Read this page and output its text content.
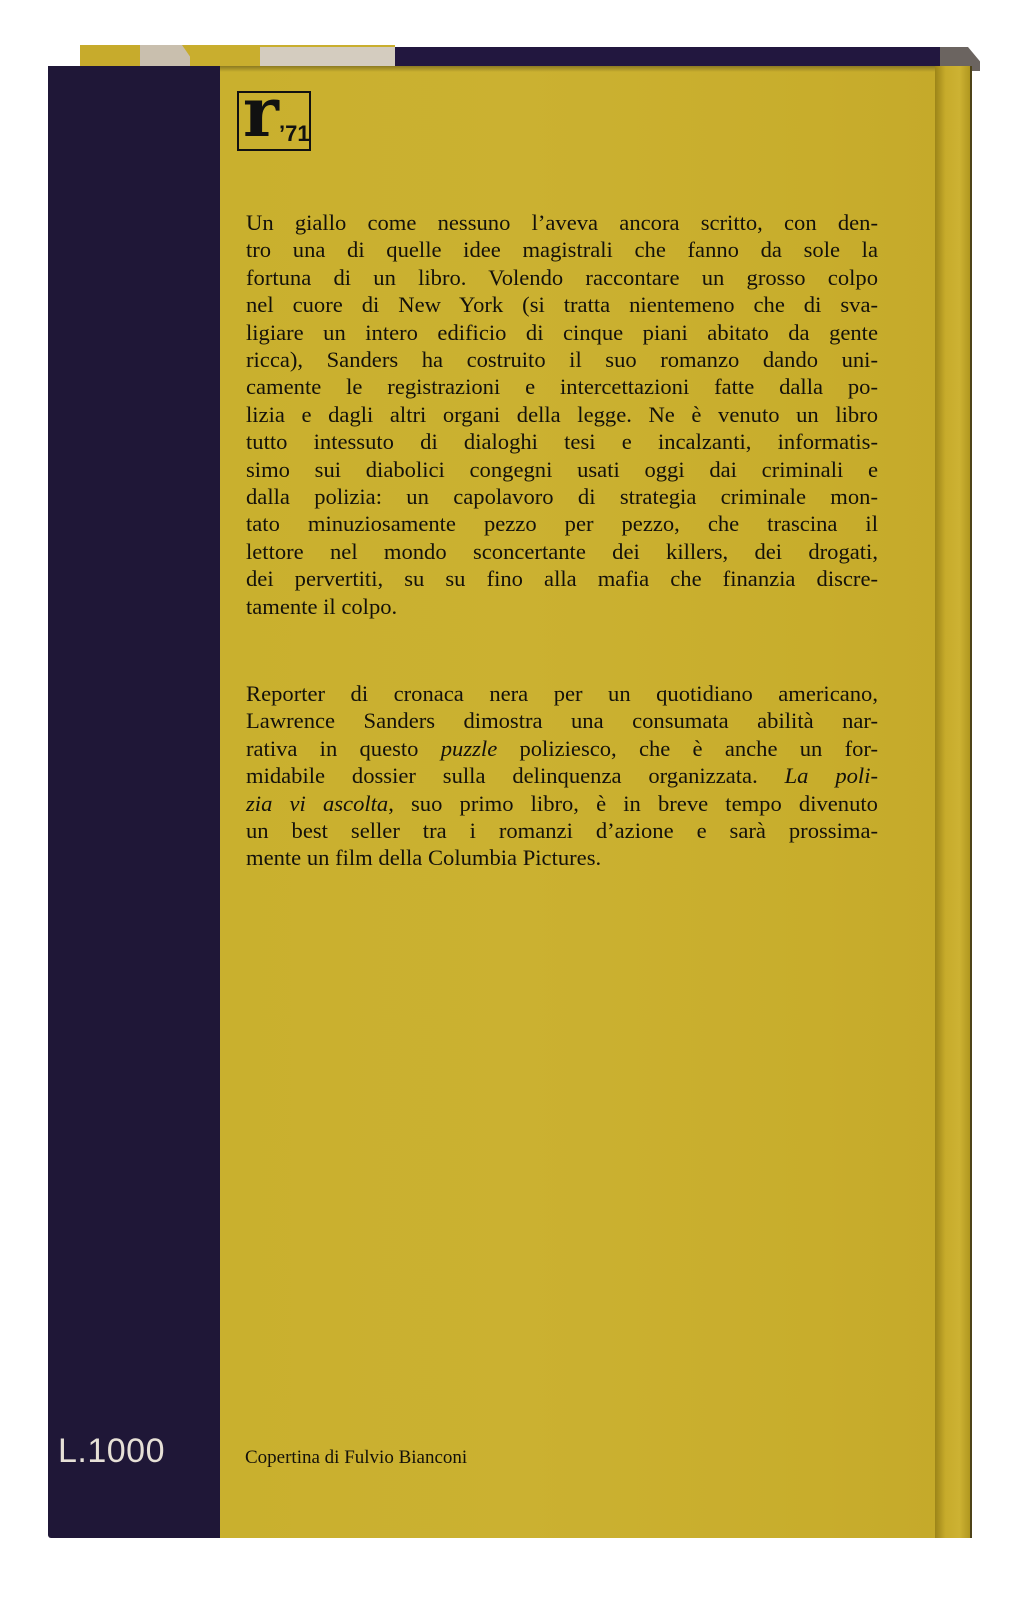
r ’71
Un giallo come nessuno l’aveva ancora scritto, con den-
tro una di quelle idee magistrali che fanno da sole la
fortuna di un libro. Volendo raccontare un grosso colpo
nel cuore di New York (si tratta nientemeno che di sva-
ligiare un intero edificio di cinque piani abitato da gente
ricca), Sanders ha costruito il suo romanzo dando uni-
camente le registrazioni e intercettazioni fatte dalla po-
lizia e dagli altri organi della legge. Ne è venuto un libro
tutto intessuto di dialoghi tesi e incalzanti, informatis-
simo sui diabolici congegni usati oggi dai criminali e
dalla polizia: un capolavoro di strategia criminale mon-
tato minuziosamente pezzo per pezzo, che trascina il
lettore nel mondo sconcertante dei killers, dei drogati,
dei pervertiti, su su fino alla mafia che finanzia discre-
tamente il colpo.
Reporter di cronaca nera per un quotidiano americano,
Lawrence Sanders dimostra una consumata abilità nar-
rativa in questo puzzle poliziesco, che è anche un for-
midabile dossier sulla delinquenza organizzata. La poli-
zia vi ascolta, suo primo libro, è in breve tempo divenuto
un best seller tra i romanzi d’azione e sarà prossima-
mente un film della Columbia Pictures.
L.1000	Copertina di Fulvio Bianconi
